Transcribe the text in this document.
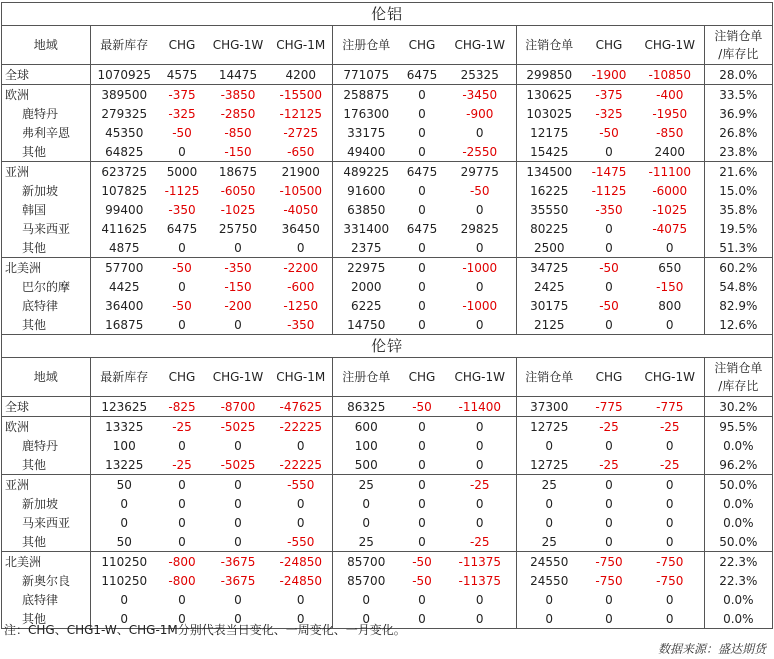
伦铝											
地域	最新库存	CHG	CHG-1W	CHG-1M	注册仓单	CHG	CHG-1W	注销仓单	CHG	CHG-1W	注销仓单
/库存比
全球	1070925	4575	14475	4200	771075	6475	25325	299850	-1900	-10850	28.0%
欧洲	389500	-375	-3850	-15500	258875	0	-3450	130625	-375	-400	33.5%
鹿特丹	279325	-325	-2850	-12125	176300	0	-900	103025	-325	-1950	36.9%
弗利辛恩	45350	-50	-850	-2725	33175	0	0	12175	-50	-850	26.8%
其他	64825	0	-150	-650	49400	0	-2550	15425	0	2400	23.8%
亚洲	623725	5000	18675	21900	489225	6475	29775	134500	-1475	-11100	21.6%
新加坡	107825	-1125	-6050	-10500	91600	0	-50	16225	-1125	-6000	15.0%
韩国	99400	-350	-1025	-4050	63850	0	0	35550	-350	-1025	35.8%
马来西亚	411625	6475	25750	36450	331400	6475	29825	80225	0	-4075	19.5%
其他	4875	0	0	0	2375	0	0	2500	0	0	51.3%
北美洲	57700	-50	-350	-2200	22975	0	-1000	34725	-50	650	60.2%
巴尔的摩	4425	0	-150	-600	2000	0	0	2425	0	-150	54.8%
底特律	36400	-50	-200	-1250	6225	0	-1000	30175	-50	800	82.9%
其他	16875	0	0	-350	14750	0	0	2125	0	0	12.6%
伦锌											
地域	最新库存	CHG	CHG-1W	CHG-1M	注册仓单	CHG	CHG-1W	注销仓单	CHG	CHG-1W	注销仓单
/库存比
全球	123625	-825	-8700	-47625	86325	-50	-11400	37300	-775	-775	30.2%
欧洲	13325	-25	-5025	-22225	600	0	0	12725	-25	-25	95.5%
鹿特丹	100	0	0	0	100	0	0	0	0	0	0.0%
其他	13225	-25	-5025	-22225	500	0	0	12725	-25	-25	96.2%
亚洲	50	0	0	-550	25	0	-25	25	0	0	50.0%
新加坡	0	0	0	0	0	0	0	0	0	0	0.0%
马来西亚	0	0	0	0	0	0	0	0	0	0	0.0%
其他	50	0	0	-550	25	0	-25	25	0	0	50.0%
北美洲	110250	-800	-3675	-24850	85700	-50	-11375	24550	-750	-750	22.3%
新奥尔良	110250	-800	-3675	-24850	85700	-50	-11375	24550	-750	-750	22.3%
底特律	0	0	0	0	0	0	0	0	0	0	0.0%
其他	0	0	0	0	0	0	0	0	0	0	0.0%
注：CHG、CHG1-W、CHG-1M分别代表当日变化、一周变化、一月变化。
数据来源：盛达期货
